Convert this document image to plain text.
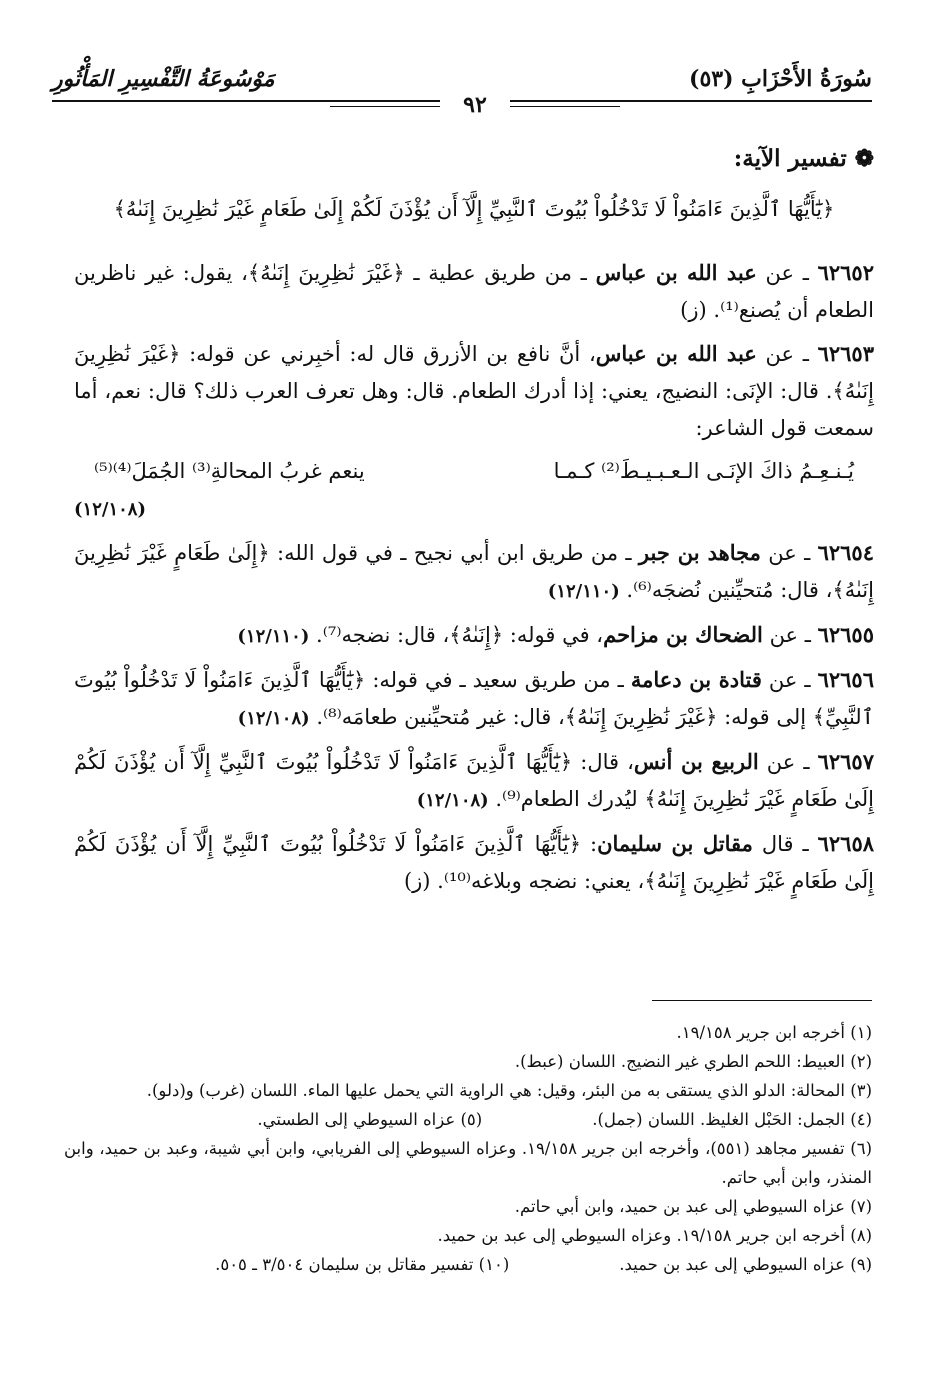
سُورَةُ الأَحْزَابِ (٥٣)
مَوْسُوعَةُ التَّفْسِيرِ المَأْثُورِ
٩٢
❁ تفسير الآية:
﴿يَٰٓأَيُّهَا ٱلَّذِينَ ءَامَنُواْ لَا تَدْخُلُواْ بُيُوتَ ٱلنَّبِيِّ إِلَّآ أَن يُؤْذَنَ لَكُمْ إِلَىٰ طَعَامٍ غَيْرَ نَٰظِرِينَ إِنَىٰهُ﴾

٦٢٦٥٢ ـ عن عبد الله بن عباس ـ من طريق عطية ـ ﴿غَيْرَ نَٰظِرِينَ إِنَىٰهُ﴾، يقول: غير ناظرين الطعام أن يُصنع⁽¹⁾. (ز)

٦٢٦٥٣ ـ عن عبد الله بن عباس، أنَّ نافع بن الأزرق قال له: أخبِرني عن قوله: ﴿غَيْرَ نَٰظِرِينَ إِنَىٰهُ﴾. قال: الإنَى: النضيج، يعني: إذا أدرك الطعام. قال: وهل تعرف العرب ذلك؟ قال: نعم، أما سمعت قول الشاعر:

يُـنـعِـمُ ذاكَ الإنَـى الـعـبـيـطَ⁽²⁾ كـمـا
ينعم غربُ المحالةِ⁽³⁾ الجُمَلَ⁽⁴⁾⁽⁵⁾
(١٢/١٠٨)

٦٢٦٥٤ ـ عن مجاهد بن جبر ـ من طريق ابن أبي نجيح ـ في قول الله: ﴿إِلَىٰ طَعَامٍ غَيْرَ نَٰظِرِينَ إِنَىٰهُ﴾، قال: مُتحيِّنين نُضجَه⁽⁶⁾. (١٢/١١٠)

٦٢٦٥٥ ـ عن الضحاك بن مزاحم، في قوله: ﴿إِنَىٰهُ﴾، قال: نضجه⁽⁷⁾. (١٢/١١٠)

٦٢٦٥٦ ـ عن قتادة بن دعامة ـ من طريق سعيد ـ في قوله: ﴿يَٰٓأَيُّهَا ٱلَّذِينَ ءَامَنُواْ لَا تَدْخُلُواْ بُيُوتَ ٱلنَّبِيِّ﴾ إلى قوله: ﴿غَيْرَ نَٰظِرِينَ إِنَىٰهُ﴾، قال: غير مُتحيِّنين طعامَه⁽⁸⁾. (١٢/١٠٨)

٦٢٦٥٧ ـ عن الربيع بن أنس، قال: ﴿يَٰٓأَيُّهَا ٱلَّذِينَ ءَامَنُواْ لَا تَدْخُلُواْ بُيُوتَ ٱلنَّبِيِّ إِلَّآ أَن يُؤْذَنَ لَكُمْ إِلَىٰ طَعَامٍ غَيْرَ نَٰظِرِينَ إِنَىٰهُ﴾ ليُدرك الطعام⁽⁹⁾. (١٢/١٠٨)

٦٢٦٥٨ ـ قال مقاتل بن سليمان: ﴿يَٰٓأَيُّهَا ٱلَّذِينَ ءَامَنُواْ لَا تَدْخُلُواْ بُيُوتَ ٱلنَّبِيِّ إِلَّآ أَن يُؤْذَنَ لَكُمْ إِلَىٰ طَعَامٍ غَيْرَ نَٰظِرِينَ إِنَىٰهُ﴾، يعني: نضجه وبلاغه⁽¹⁰⁾. (ز)

(١) أخرجه ابن جرير ١٩/١٥٨.

(٢) العبيط: اللحم الطري غير النضيج. اللسان (عبط).

(٣) المحالة: الدلو الذي يستقى به من البئر، وقيل: هي الراوية التي يحمل عليها الماء. اللسان (غرب) و(دلو).

(٤) الجمل: الحَبْل الغليظ. اللسان (جمل).
(٥) عزاه السيوطي إلى الطستي.

(٦) تفسير مجاهد (٥٥١)، وأخرجه ابن جرير ١٩/١٥٨. وعزاه السيوطي إلى الفريابي، وابن أبي شيبة، وعبد بن حميد، وابن المنذر، وابن أبي حاتم.

(٧) عزاه السيوطي إلى عبد بن حميد، وابن أبي حاتم.

(٨) أخرجه ابن جرير ١٩/١٥٨. وعزاه السيوطي إلى عبد بن حميد.

(٩) عزاه السيوطي إلى عبد بن حميد.
(١٠) تفسير مقاتل بن سليمان ٣/٥٠٤ ـ ٥٠٥.
